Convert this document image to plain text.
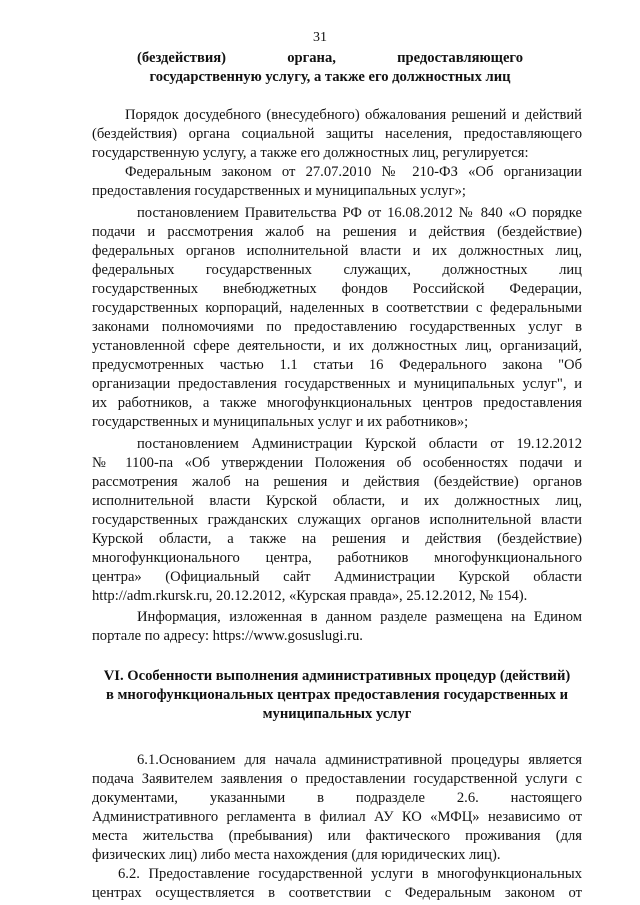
31
(бездействия) органа, предоставляющего
государственную услугу, а также его должностных лиц
Порядок досудебного (внесудебного) обжалования решений и действий
(бездействия) органа социальной защиты населения, предоставляющего
государственную услугу, а также его должностных лиц, регулируется:
Федеральным законом от 27.07.2010 № 210-ФЗ «Об организации
предоставления государственных и муниципальных услуг»;
постановлением Правительства РФ от 16.08.2012 № 840 «О порядке
подачи и рассмотрения жалоб на решения и действия (бездействие)
федеральных органов исполнительной власти и их должностных лиц,
федеральных государственных служащих, должностных лиц
государственных внебюджетных фондов Российской Федерации,
государственных корпораций, наделенных в соответствии с федеральными
законами полномочиями по предоставлению государственных услуг в
установленной сфере деятельности, и их должностных лиц, организаций,
предусмотренных частью 1.1 статьи 16 Федерального закона "Об
организации предоставления государственных и муниципальных услуг", и
их работников, а также многофункциональных центров предоставления
государственных и муниципальных услуг и их работников»;
постановлением Администрации Курской области от 19.12.2012
№ 1100-па «Об утверждении Положения об особенностях подачи и
рассмотрения жалоб на решения и действия (бездействие) органов
исполнительной власти Курской области, и их должностных лиц,
государственных гражданских служащих органов исполнительной власти
Курской области, а также на решения и действия (бездействие)
многофункционального центра, работников многофункционального
центра» (Официальный сайт Администрации Курской области
http://adm.rkursk.ru, 20.12.2012, «Курская правда», 25.12.2012, № 154).
Информация, изложенная в данном разделе размещена на Едином
портале по адресу: https://www.gosuslugi.ru.
VI. Особенности выполнения административных процедур (действий)
в многофункциональных центрах предоставления государственных и
муниципальных услуг
6.1.Основанием для начала административной процедуры является
подача Заявителем заявления о предоставлении государственной услуги с
документами, указанными в подразделе 2.6. настоящего
Административного регламента в филиал АУ КО «МФЦ» независимо от
места жительства (пребывания) или фактического проживания (для
физических лиц) либо места нахождения (для юридических лиц).
6.2. Предоставление государственной услуги в многофункциональных
центрах осуществляется в соответствии с Федеральным законом от
